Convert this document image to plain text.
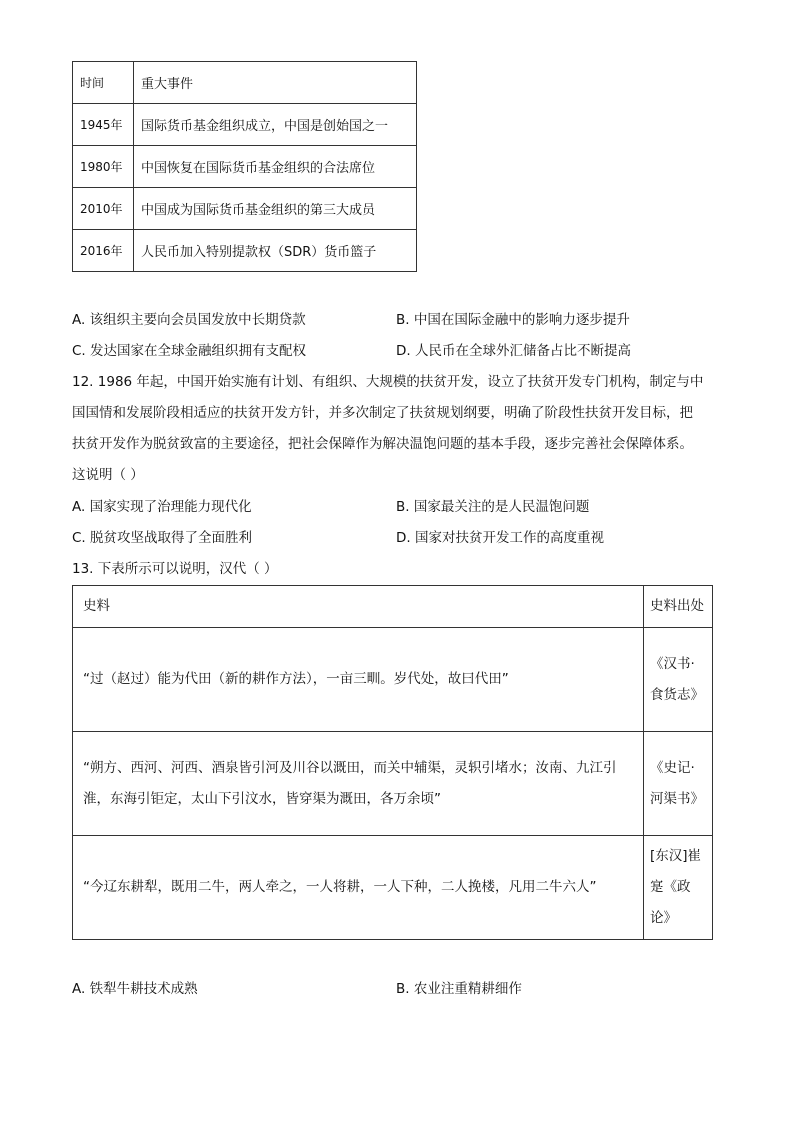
时间	重大事件
1945年	国际货币基金组织成立，中国是创始国之一
1980年	中国恢复在国际货币基金组织的合法席位
2010年	中国成为国际货币基金组织的第三大成员
2016年	人民币加入特别提款权（SDR）货币篮子
A. 该组织主要向会员国发放中长期贷款	B. 中国在国际金融中的影响力逐步提升
C. 发达国家在全球金融组织拥有支配权	D. 人民币在全球外汇储备占比不断提高
12. 1986 年起，中国开始实施有计划、有组织、大规模的扶贫开发，设立了扶贫开发专门机构，制定与中
国国情和发展阶段相适应的扶贫开发方针，并多次制定了扶贫规划纲要，明确了阶段性扶贫开发目标，把
扶贫开发作为脱贫致富的主要途径，把社会保障作为解决温饱问题的基本手段，逐步完善社会保障体系。
这说明（ ）
A. 国家实现了治理能力现代化	B. 国家最关注的是人民温饱问题
C. 脱贫攻坚战取得了全面胜利	D. 国家对扶贫开发工作的高度重视
13. 下表所示可以说明，汉代（ ）
史料	史料出处
“过（赵过）能为代田（新的耕作方法），一亩三甽。岁代处，故曰代田”	《汉书·食货志》
“朔方、西河、河西、酒泉皆引河及川谷以溉田，而关中辅渠，灵轵引堵水；汝南、九江引淮，东海引钜定，太山下引汶水，皆穿渠为溉田，各万余顷”	《史记·河渠书》
“今辽东耕犁，既用二牛，两人牵之，一人将耕，一人下种，二人挽楼，凡用二牛六人”	[东汉]崔寔《政论》
A. 铁犁牛耕技术成熟	B. 农业注重精耕细作
